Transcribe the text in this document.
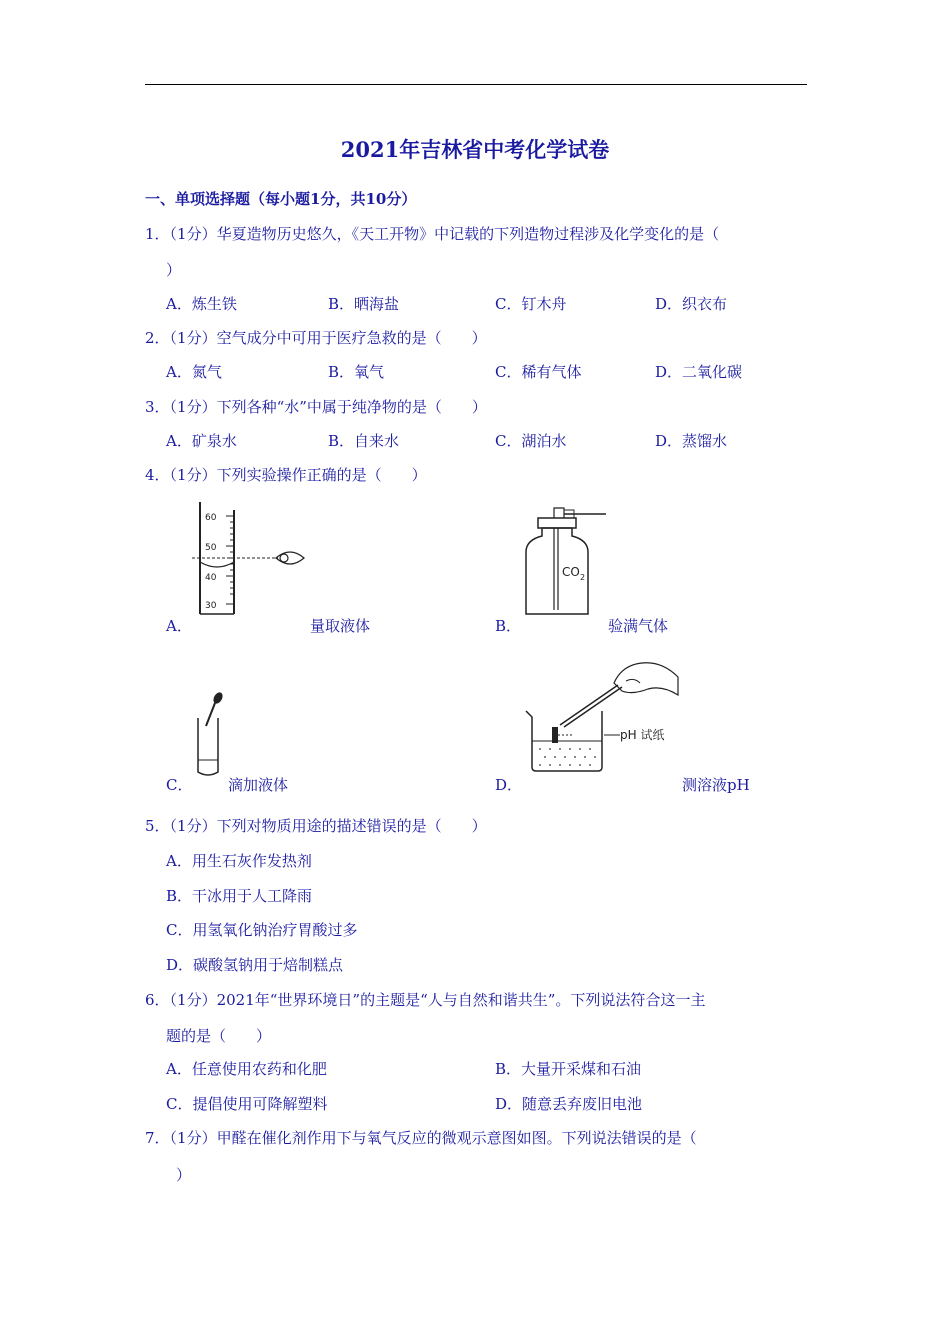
2021年吉林省中考化学试卷
一、单项选择题（每小题1分，共10分）
1．（1分）华夏造物历史悠久，《天工开物》中记载的下列造物过程涉及化学变化的是（
）
A．炼生铁	B．晒海盐	C．钉木舟	D．织衣布
2．（1分）空气成分中可用于医疗急救的是（　　）
A．氮气	B．氧气	C．稀有气体	D．二氧化碳
3．（1分）下列各种“水”中属于纯净物的是（　　）
A．矿泉水	B．自来水	C．湖泊水	D．蒸馏水
4．（1分）下列实验操作正确的是（　　）
60
50
40
30
A．	量取液体
CO 2
B．	验满气体
C． 滴加液体
pH 试纸
D．	测溶液pH
5．（1分）下列对物质用途的描述错误的是（　　）
A．用生石灰作发热剂
B．干冰用于人工降雨
C．用氢氧化钠治疗胃酸过多
D．碳酸氢钠用于焙制糕点
6．（1分）2021年“世界环境日”的主题是“人与自然和谐共生”。下列说法符合这一主
题的是（　　）
A．任意使用农药和化肥	B．大量开采煤和石油
C．提倡使用可降解塑料	D．随意丢弃废旧电池
7．（1分）甲醛在催化剂作用下与氧气反应的微观示意图如图。下列说法错误的是（
）
